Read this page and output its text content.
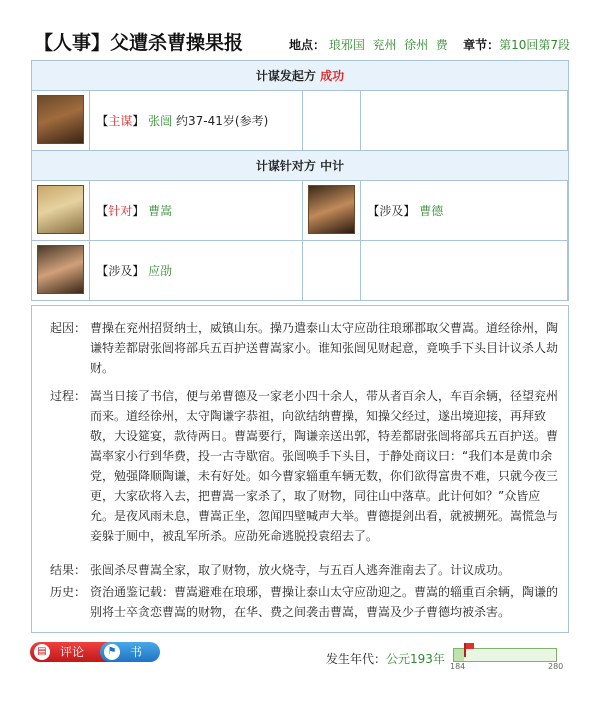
【人事】父遭杀曹操果报	地点： 琅邪国 兖州 徐州 费 章节：第10回第7段
计谋发起方 成功				
	【主谋】 张闿 约37-41岁(参考)			
计谋针对方 中计				
	【针对】 曹嵩		【涉及】 曹德	
	【涉及】 应劭			
起因： 曹操在兖州招贤纳士，威镇山东。操乃遣泰山太守应劭往琅琊郡取父曹嵩。道经徐州，陶谦特差都尉张闿将部兵五百护送曹嵩家小。谁知张闿见财起意，竟唤手下头目计议杀人劫财。
过程： 嵩当日接了书信，便与弟曹德及一家老小四十余人，带从者百余人，车百余辆，径望兖州而来。道经徐州，太守陶谦字恭祖，向欲结纳曹操，知操父经过，遂出境迎接，再拜致敬，大设筵宴，款待两日。曹嵩要行，陶谦亲送出郭，特差都尉张闿将部兵五百护送。曹嵩率家小行到华费，投一古寺歇宿。张闿唤手下头目，于静处商议曰：“我们本是黄巾余党，勉强降顺陶谦，未有好处。如今曹家辎重车辆无数，你们欲得富贵不难，只就今夜三更，大家砍将入去，把曹嵩一家杀了，取了财物，同往山中落草。此计何如？”众皆应允。是夜风雨未息，曹嵩正坐，忽闻四壁喊声大举。曹德提剑出看，就被搠死。嵩慌急与妾躲于厕中，被乱军所杀。应劭死命逃脱投袁绍去了。
结果： 张闿杀尽曹嵩全家，取了财物，放火烧寺，与五百人逃奔淮南去了。计议成功。
历史： 资治通鉴记载：曹嵩避难在琅琊，曹操让泰山太守应劭迎之。曹嵩的辎重百余辆，陶谦的别将士卒贪恋曹嵩的财物，在华、费之间袭击曹嵩，曹嵩及少子曹德均被杀害。
▤ 评论	⚑ 书签
发生年代：公元193年
184	280
